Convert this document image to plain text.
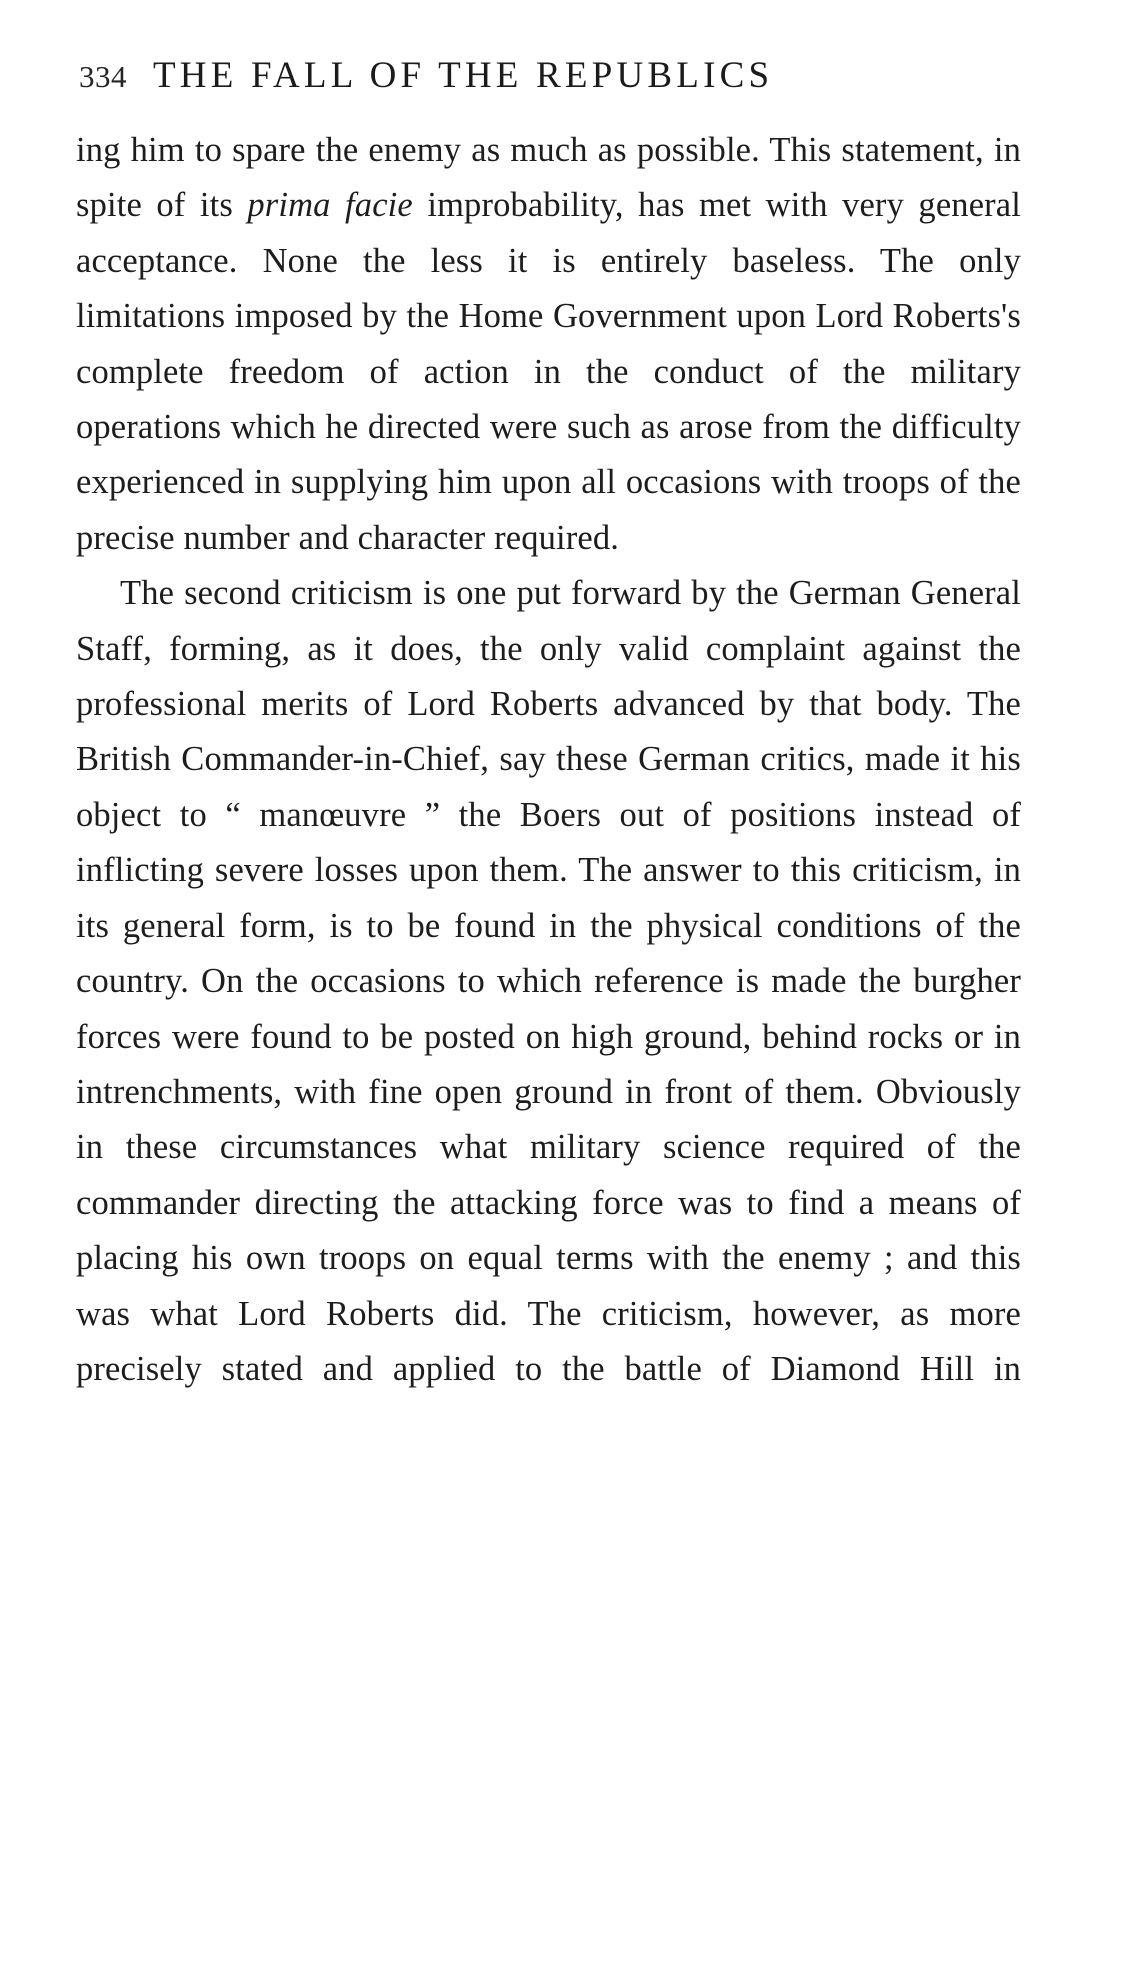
334 THE FALL OF THE REPUBLICS

ing him to spare the enemy as much as possible. This statement, in spite of its prima facie improbability, has met with very general acceptance. None the less it is entirely baseless. The only limitations imposed by the Home Government upon Lord Roberts's complete freedom of action in the conduct of the military operations which he directed were such as arose from the difficulty experienced in supplying him upon all occasions with troops of the precise number and character required.

The second criticism is one put forward by the German General Staff, forming, as it does, the only valid complaint against the professional merits of Lord Roberts advanced by that body. The British Commander-in-Chief, say these German critics, made it his object to “ manœuvre ” the Boers out of positions instead of inflicting severe losses upon them. The answer to this criticism, in its general form, is to be found in the physical conditions of the country. On the occasions to which reference is made the burgher forces were found to be posted on high ground, behind rocks or in intrenchments, with fine open ground in front of them. Obviously in these circumstances what military science required of the commander directing the attacking force was to find a means of placing his own troops on equal terms with the enemy ; and this was what Lord Roberts did. The criticism, however, as more precisely stated and applied to the battle of Diamond Hill in
